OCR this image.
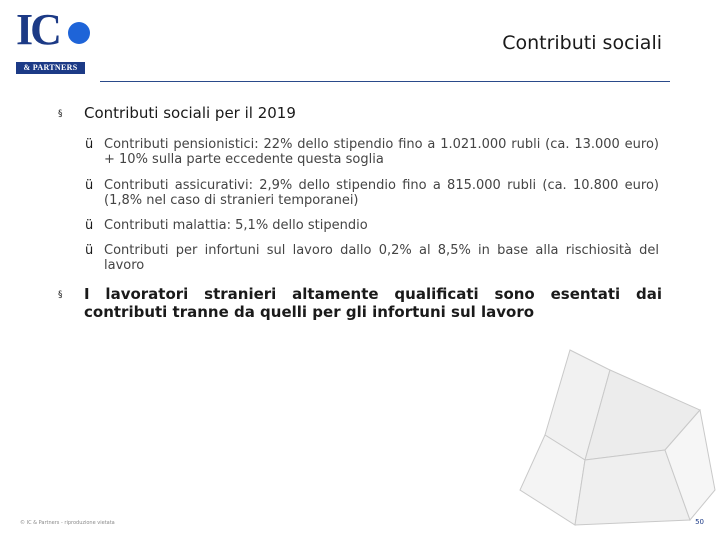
IC
& PARTNERS
Contributi sociali
§ Contributi sociali per il 2019
ü Contributi pensionistici: 22% dello stipendio fino a 1.021.000 rubli (ca. 13.000 euro) + 10% sulla parte eccedente questa soglia
ü Contributi assicurativi: 2,9% dello stipendio fino a 815.000 rubli (ca. 10.800 euro) (1,8% nel caso di stranieri temporanei)
ü Contributi malattia: 5,1% dello stipendio
ü Contributi per infortuni sul lavoro dallo 0,2% al 8,5% in base alla rischiosità del lavoro
§ I lavoratori stranieri altamente qualificati sono esentati dai contributi tranne da quelli per gli infortuni sul lavoro
© IC & Partners - riproduzione vietata	50
